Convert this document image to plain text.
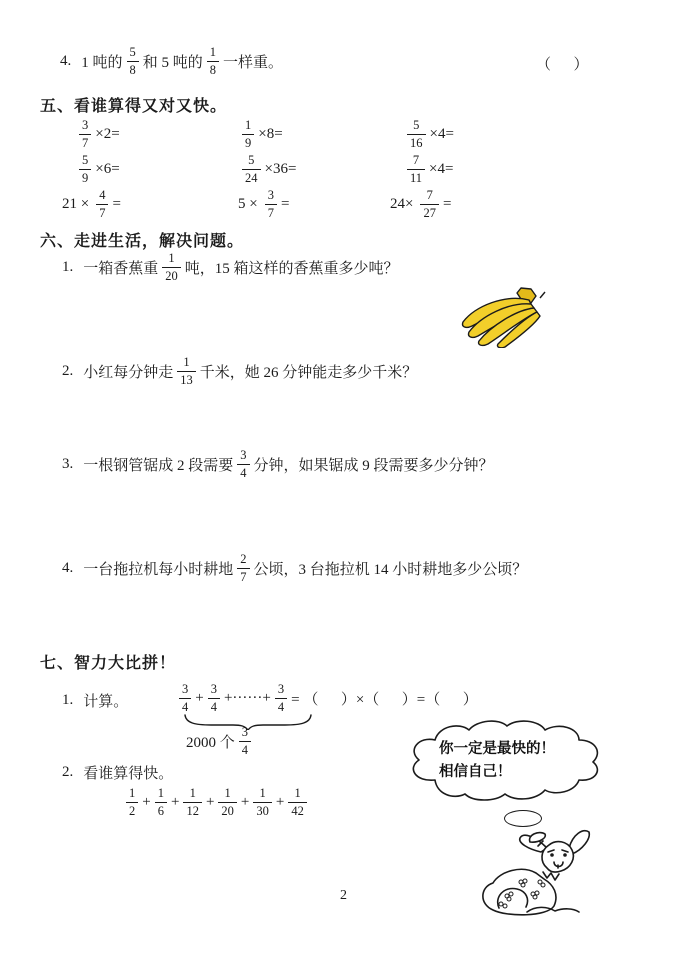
4. 1 吨的 $\frac{5}{8}$ 和 5 吨的 $\frac{1}{8}$ 一样重。	（      ）
五、看谁算得又对又快。
$\frac{3}{7} \times 2=$	$\frac{1}{9} \times 8=$	$\frac{5}{16} \times 4=$
$\frac{5}{9} \times 6=$	$\frac{5}{24} \times 36=$	$\frac{7}{11} \times 4=$
$21 \times \frac{4}{7}$ =	$5 \times \frac{3}{7}$ =	$24\times \frac{7}{27}$ =
六、走进生活，解决问题。
1. 一箱香蕉重 $\frac{1}{20}$ 吨，15 箱这样的香蕉重多少吨？
2. 小红每分钟走 $\frac{1}{13}$ 千米，她 26 分钟能走多少千米？
3. 一根钢管锯成 2 段需要 $\frac{3}{4}$ 分钟，如果锯成 9 段需要多少分钟？
4. 一台拖拉机每小时耕地 $\frac{2}{7}$ 公顷，3 台拖拉机 14 小时耕地多少公顷？
七、智力大比拼！
1. 计算。	$\frac{3}{4} + \frac{3}{4}$ +······+ $\frac{3}{4}$ = （      ）×（      ）=（      ）
2000 个 $\frac{3}{4}$
2. 看谁算得快。
$\frac{1}{2} + \frac{1}{6} + \frac{1}{12} + \frac{1}{20} + \frac{1}{30} + \frac{1}{42}$
你一定是最快的！
相信自己！
2
